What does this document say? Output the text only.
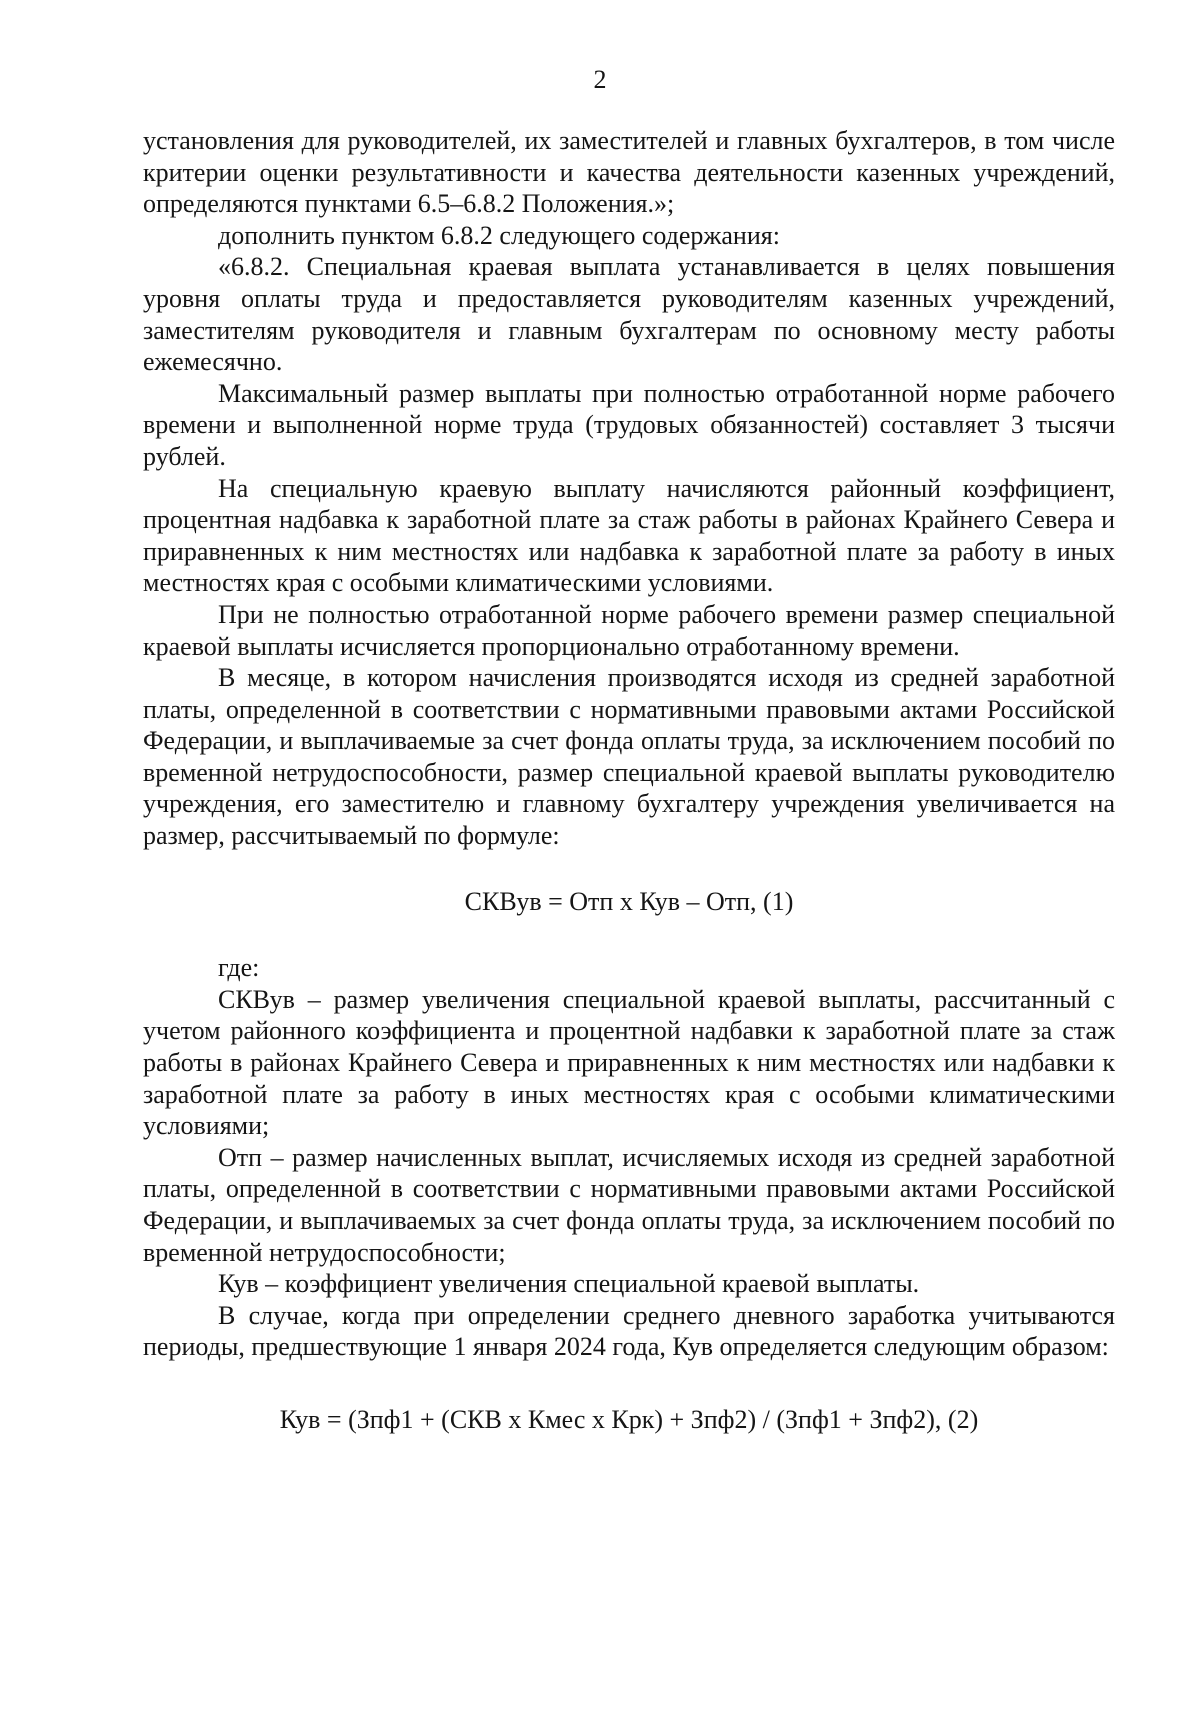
2

установления для руководителей, их заместителей и главных бухгалтеров, в том числе критерии оценки результативности и качества деятельности казенных учреждений, определяются пунктами 6.5–6.8.2 Положения.»;

дополнить пунктом 6.8.2 следующего содержания:

«6.8.2. Специальная краевая выплата устанавливается в целях повышения уровня оплаты труда и предоставляется руководителям казенных учреждений, заместителям руководителя и главным бухгалтерам по основному месту работы ежемесячно.

Максимальный размер выплаты при полностью отработанной норме рабочего времени и выполненной норме труда (трудовых обязанностей) составляет 3 тысячи рублей.

На специальную краевую выплату начисляются районный коэффициент, процентная надбавка к заработной плате за стаж работы в районах Крайнего Севера и приравненных к ним местностях или надбавка к заработной плате за работу в иных местностях края с особыми климатическими условиями.

При не полностью отработанной норме рабочего времени размер специальной краевой выплаты исчисляется пропорционально отработанному времени.

В месяце, в котором начисления производятся исходя из средней заработной платы, определенной в соответствии с нормативными правовыми актами Российской Федерации, и выплачиваемые за счет фонда оплаты труда, за исключением пособий по временной нетрудоспособности, размер специальной краевой выплаты руководителю учреждения, его заместителю и главному бухгалтеру учреждения увеличивается на размер, рассчитываемый по формуле:

СКВув = Отп х Кув – Отп, (1)

где:

СКВув – размер увеличения специальной краевой выплаты, рассчитанный с учетом районного коэффициента и процентной надбавки к заработной плате за стаж работы в районах Крайнего Севера и приравненных к ним местностях или надбавки к заработной плате за работу в иных местностях края с особыми климатическими условиями;

Отп – размер начисленных выплат, исчисляемых исходя из средней заработной платы, определенной в соответствии с нормативными правовыми актами Российской Федерации, и выплачиваемых за счет фонда оплаты труда, за исключением пособий по временной нетрудоспособности;

Кув – коэффициент увеличения специальной краевой выплаты.

В случае, когда при определении среднего дневного заработка учитываются периоды, предшествующие 1 января 2024 года, Кув определяется следующим образом:

Кув = (Зпф1 + (СКВ х Кмес х Крк) + Зпф2) / (Зпф1 + Зпф2), (2)
